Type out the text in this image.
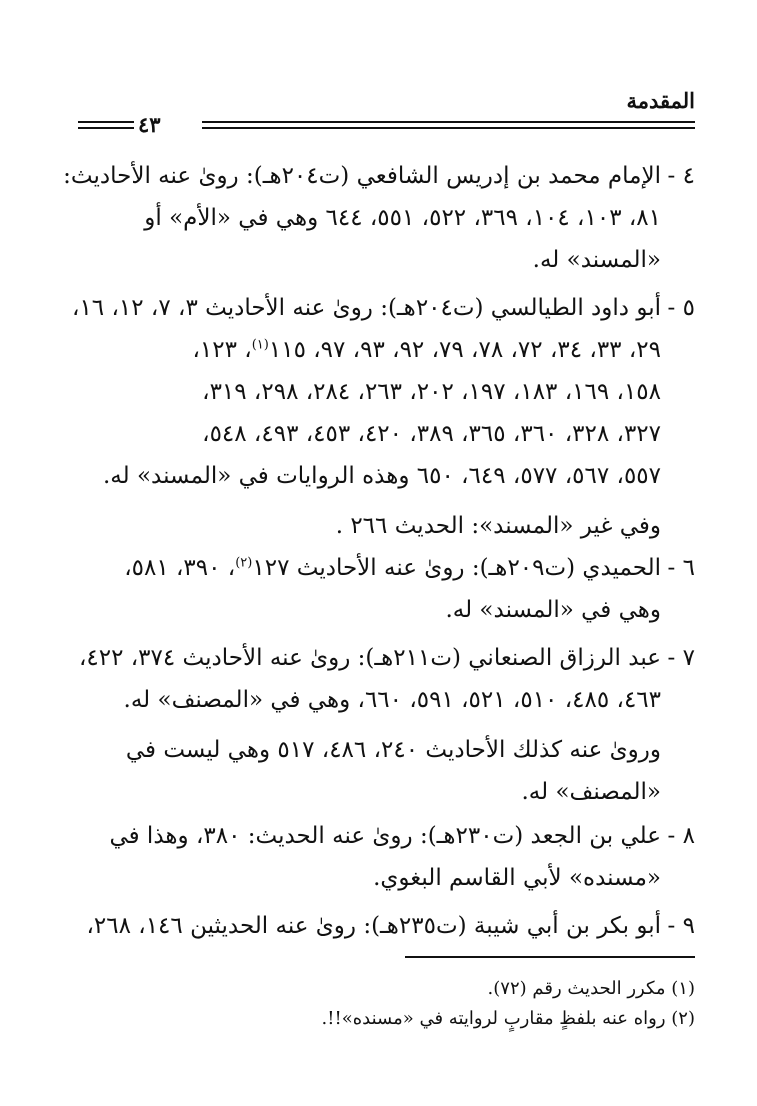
المقدمة
٤٣
٤ -
الإمام محمد بن إدريس الشافعي (ت٢٠٤هـ): روىٰ عنه الأحاديث:
٨١، ١٠٣، ١٠٤، ٣٦٩، ٥٢٢، ٥٥١، ٦٤٤ وهي في «الأم» أو
«المسند» له.
٥ -
أبو داود الطيالسي (ت٢٠٤هـ): روىٰ عنه الأحاديث ٣، ٧، ١٢، ١٦،
٢٩، ٣٣، ٣٤، ٧٢، ٧٨، ٧٩، ٩٢، ٩٣، ٩٧، ١١٥$^{(١)}$، ١٢٣،
١٥٨، ١٦٩، ١٨٣، ١٩٧، ٢٠٢، ٢٦٣، ٢٨٤، ٢٩٨، ٣١٩،
٣٢٧، ٣٢٨، ٣٦٠، ٣٦٥، ٣٨٩، ٤٢٠، ٤٥٣، ٤٩٣، ٥٤٨،
٥٥٧، ٥٦٧، ٥٧٧، ٦٤٩، ٦٥٠ وهذه الروايات في «المسند» له.
وفي غير «المسند»: الحديث ٢٦٦ .
٦ -
الحميدي (ت٢٠٩هـ): روىٰ عنه الأحاديث ١٢٧$^{(٢)}$، ٣٩٠، ٥٨١،
وهي في «المسند» له.
٧ -
عبد الرزاق الصنعاني (ت٢١١هـ): روىٰ عنه الأحاديث ٣٧٤، ٤٢٢،
٤٦٣، ٤٨٥، ٥١٠، ٥٢١، ٥٩١، ٦٦٠، وهي في «المصنف» له.
وروىٰ عنه كذلك الأحاديث ٢٤٠، ٤٨٦، ٥١٧ وهي ليست في
«المصنف» له.
٨ -
علي بن الجعد (ت٢٣٠هـ): روىٰ عنه الحديث: ٣٨٠، وهذا في
«مسنده» لأبي القاسم البغوي.
٩ -
أبو بكر بن أبي شيبة (ت٢٣٥هـ): روىٰ عنه الحديثين ١٤٦، ٢٦٨،
(١) مكرر الحديث رقم (٧٢).
(٢) رواه عنه بلفظٍ مقاربٍ لروايته في «مسنده»!!.
